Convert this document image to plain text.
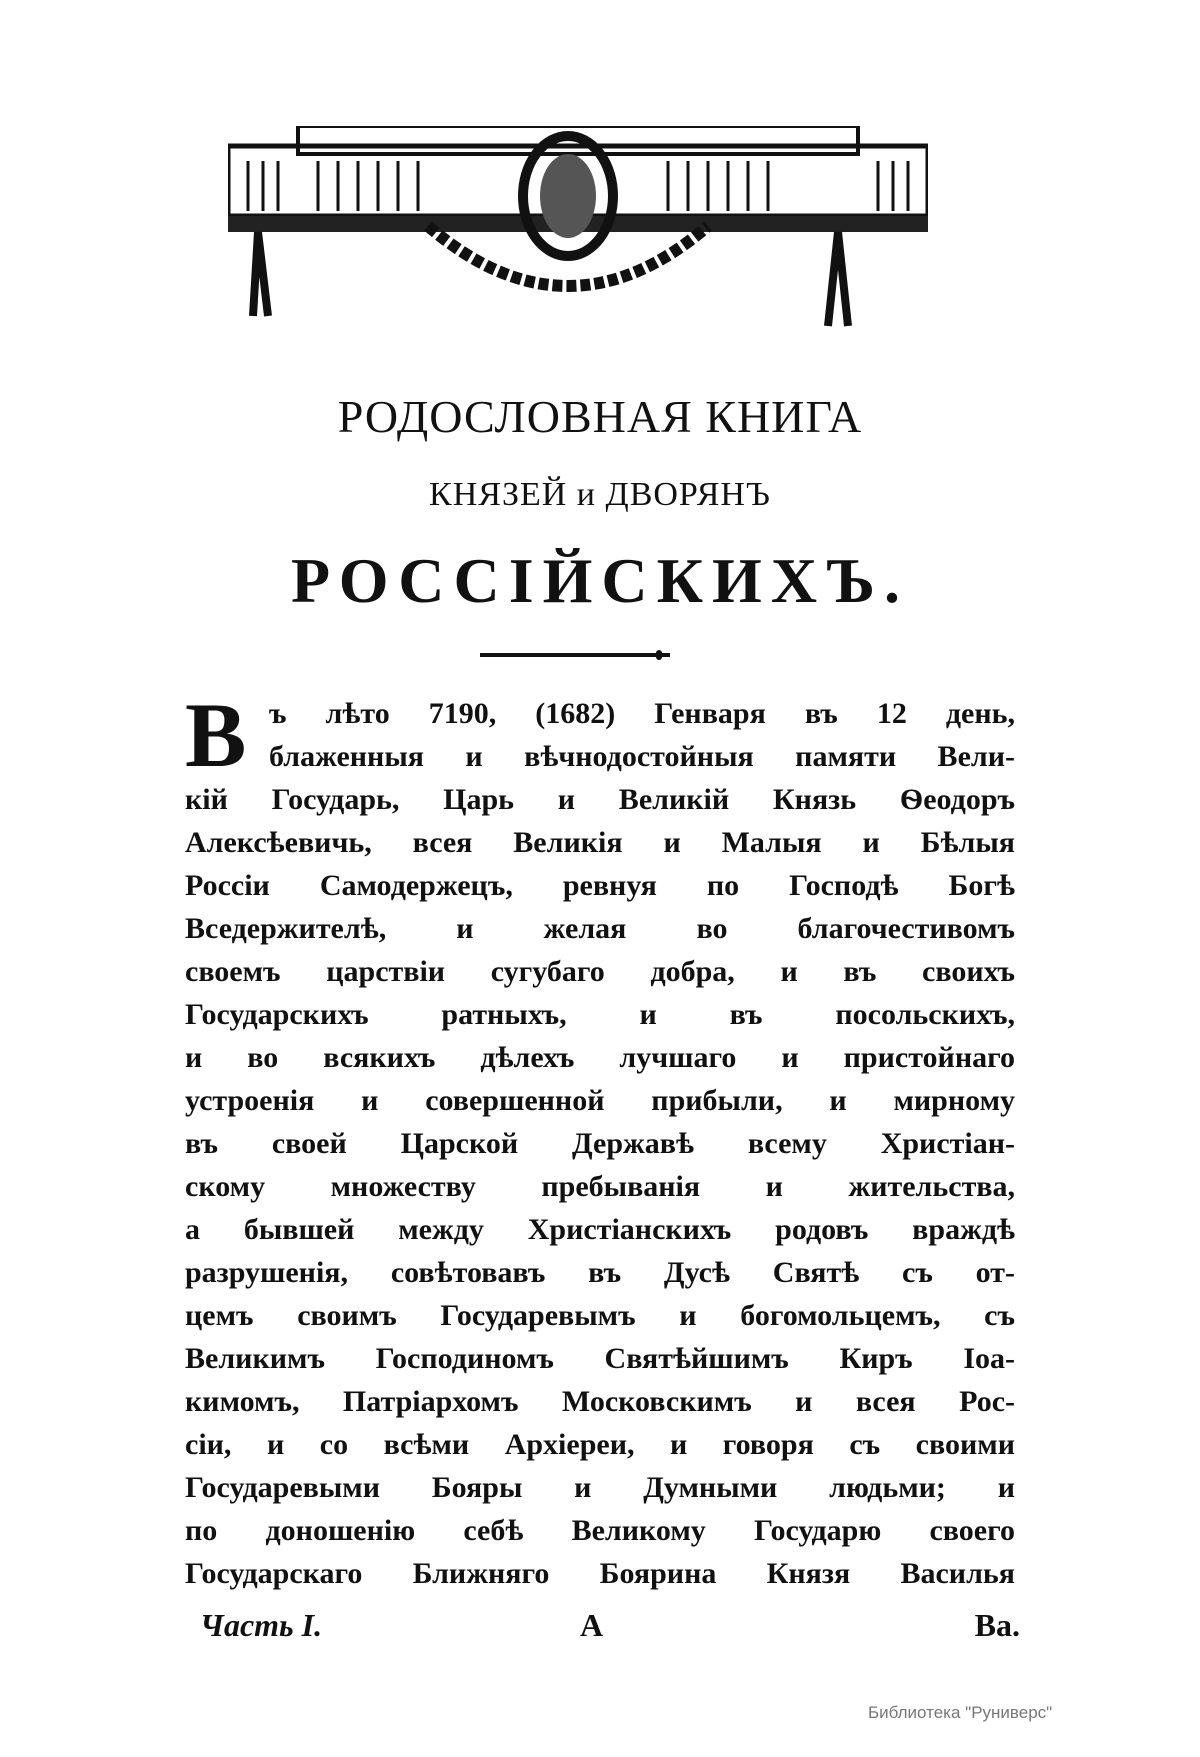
РОДОСЛОВНАЯ КНИГА
КНЯЗЕЙ и ДВОРЯНЪ
РОССІЙСКИХЪ.
В ъ лѣто 7190, (1682) Генваря въ 12 день,
блаженныя и вѣчнодостойныя памяти Вели-
кій Государь, Царь и Великій Князь Ѳеодоръ
Алексѣевичь, всея Великія и Малыя и Бѣлыя
Россіи Самодержецъ, ревнуя по Господѣ Богѣ
Вседержителѣ, и желая во благочестивомъ
своемъ царствіи сугубаго добра, и въ своихъ
Государскихъ ратныхъ, и въ посольскихъ,
и во всякихъ дѣлехъ лучшаго и пристойнаго
устроенія и совершенной прибыли, и мирному
въ своей Царской Державѣ всему Христіан-
скому множеству пребыванія и жительства,
а бывшей между Христіанскихъ родовъ враждѣ
разрушенія, совѣтовавъ въ Дусѣ Святѣ съ от-
цемъ своимъ Государевымъ и богомольцемъ, съ
Великимъ Господиномъ Святѣйшимъ Киръ Іоа-
кимомъ, Патріархомъ Московскимъ и всея Рос-
сіи, и со всѣми Архіереи, и говоря съ своими
Государевыми Бояры и Думными людьми; и
по доношенію себѣ Великому Государю своего
Государскаго Ближняго Боярина Князя Василья
Часть I.	А	Ва.
Библиотека "Руниверс"
